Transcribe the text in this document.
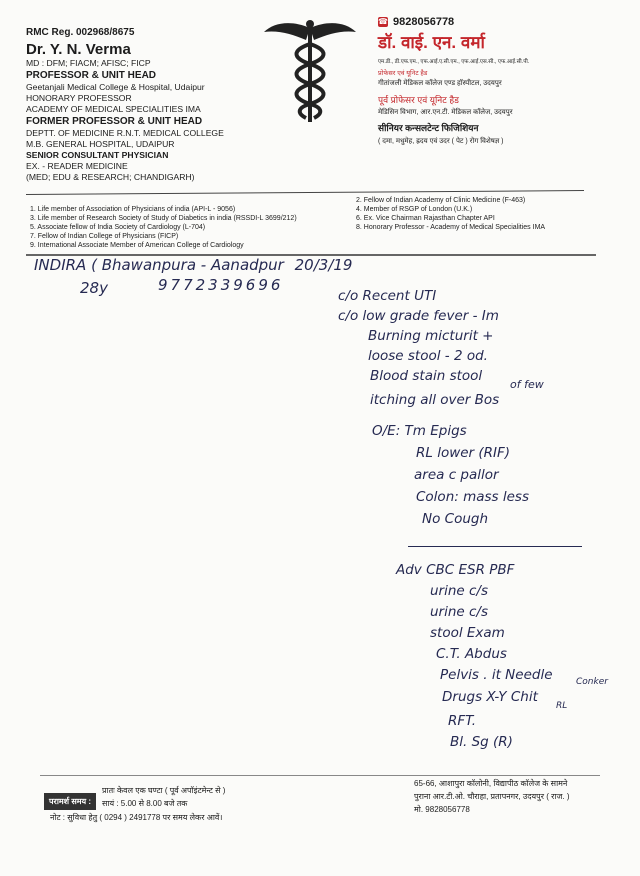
RMC Reg. 002968/8675
Dr. Y. N. Verma
MD : DFM; FIACM; AFISC; FICP
PROFESSOR & UNIT HEAD
Geetanjali Medical College & Hospital, Udaipur
HONORARY PROFESSOR
ACADEMY OF MEDICAL SPECIALITIES IMA
FORMER PROFESSOR & UNIT HEAD
DEPTT. OF MEDICINE R.N.T. MEDICAL COLLEGE
M.B. GENERAL HOSPITAL, UDAIPUR
SENIOR CONSULTANT PHYSICIAN
EX. - READER MEDICINE
(MED; EDU & RESEARCH; CHANDIGARH)
☎ 9828056778
डॉ. वाई. एन. वर्मा
एम.डी., डी.एफ.एम., एफ.आई.ए.सी.एम., एफ.आई.एस.सी., एफ.आई.सी.पी.
प्रोफेसर एवं यूनिट हैड
गीतांजली मेडिकल कॉलेज एण्ड हॉस्पीटल, उदयपुर
पूर्व प्रोफेसर एवं यूनिट हैड
मेडिसिन विभाग, आर.एन.टी. मेडिकल कॉलेज, उदयपुर
सीनियर कन्सलटेन्ट फिजिशियन
( दमा, मधुमेह, ह्रदय एवं उदर ( पेट ) रोग विशेषज्ञ )
1. Life member of Association of Physicians of india (API-L - 9056)
3. Life member of Research Society of Study of Diabetics in india (RSSDI-L 3699/212)
5. Associate fellow of India Society of Cardiology (L-704)
7. Fellow of Indian College of Physicians (FICP)
9. International Associate Member of American College of Cardiology
2. Fellow of Indian Academy of Clinic Medicine (F-463)
4. Member of RSGP of London (U.K.)
6. Ex. Vice Chairman Rajasthan Chapter API
8. Honorary Professor - Academy of Medical Specialities IMA
INDIRA ( Bhawanpura - Aanadpur 20/3/19
28y	9772339696
c/o Recent UTI
c/o low grade fever - Im
Burning micturit +
loose stool - 2 od.
Blood stain stool
of few
itching all over Bos
O/E: Tm Epigs
RL lower (RIF)
area c pallor
Colon: mass less
No Cough
Adv CBC ESR PBF
urine c/s
urine c/s
stool Exam
C.T. Abdus
Pelvis . it Needle	Conker
Drugs X-Y Chit
RL
RFT.
Bl. Sg (R)
परामर्श समय :
प्रातः केवल एक घण्टा ( पूर्व अपॉइंटमेन्ट से )
सायं : 5.00 से 8.00 बजे तक
नोट : सुविधा हेतु ( 0294 ) 2491778 पर समय लेकर आवें।
65-66, आशापुरा कॉलोनी, विद्यापीठ कॉलेज के सामने
पुराना आर.टी.ओ. चौराहा, प्रतापनगर, उदयपुर ( राज. )
मो. 9828056778
